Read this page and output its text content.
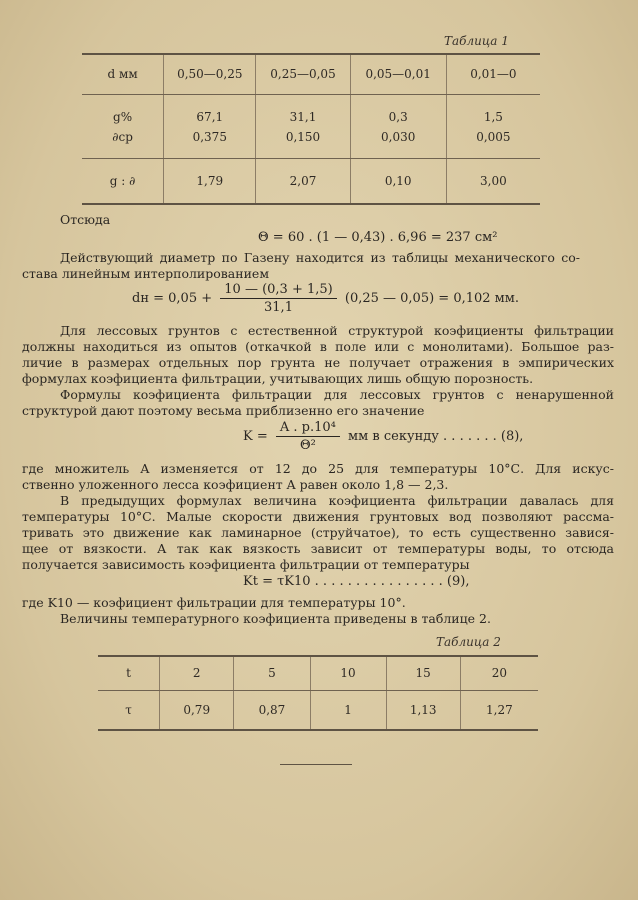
Таблица 1
d мм	0,50—0,25	0,25—0,05	0,05—0,01	0,01—0
g%	67,1	31,1	0,3	1,5
∂ср	0,375	0,150	0,030	0,005
g : ∂	1,79	2,07	0,10	3,00
Отсюда
Θ = 60 . (1 — 0,43) . 6,96 = 237 см²
Действующий диаметр по Газену находится из таблицы механического со-
става линейным интерполированием
dн = $0,05 + \frac{10 — (0,3 + 1,5)}{31,1} (0,25$ — 0,05) = 0,102 мм.
Для лессовых грунтов с естественной структурой коэфициенты фильтрации
должны находиться из опытов (откачкой в поле или с монолитами). Большое раз-
личие в размерах отдельных пор грунта не получает отражения в эмпирических
формулах коэфициента фильтрации, учитывающих лишь общую порозность.
Формулы коэфициента фильтрации для лессовых грунтов с ненарушенной
структурой дают поэтому весьма приблизенно его значение
$K = \frac{\text{A . p.10⁴}}{\text{Θ²}}$ мм в секунду . . . . . . . (8),
где множитель A изменяется от 12 до 25 для температуры 10°С. Для искус-
ственно уложенного лесса коэфициент A равен около 1,8 — 2,3.
В предыдущих формулах величина коэфициента фильтрации давалась для
температуры 10°С. Малые скорости движения грунтовых вод позволяют рассма-
тривать это движение как ламинарное (струйчатое), то есть существенно завися-
щее от вязкости. А так как вязкость зависит от температуры воды, то отсюда
получается зависимость коэфициента фильтрации от температуры
Kt = τK10 . . . . . . . . . . . . . . . . (9),
где K10 — коэфициент фильтрации для температуры 10°.
Величины температурного коэфициента приведены в таблице 2.
Таблица 2
t	2	5	10	15	20
τ	0,79	0,87	1	1,13	1,27
